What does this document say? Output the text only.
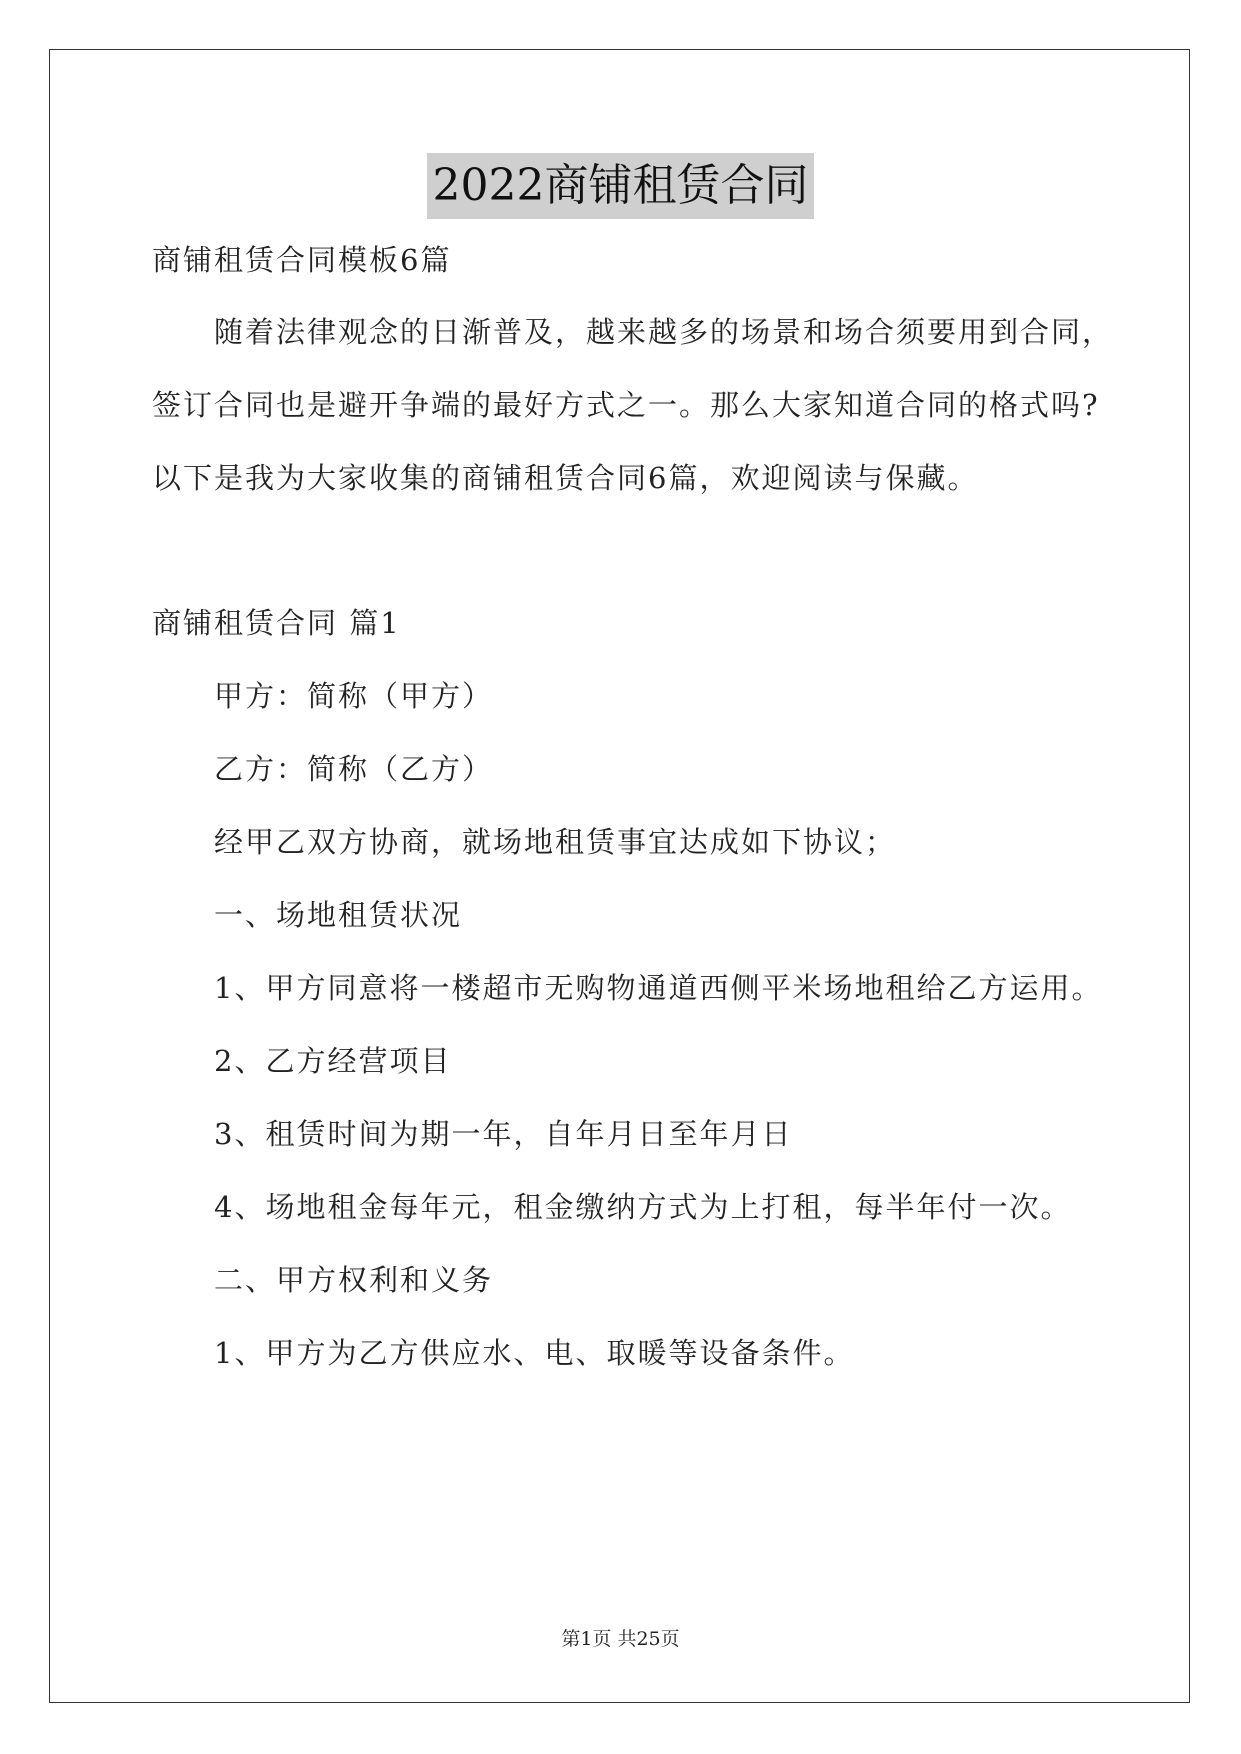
2022商铺租赁合同
商铺租赁合同模板6篇
随着法律观念的日渐普及，越来越多的场景和场合须要用到合同，
签订合同也是避开争端的最好方式之一。那么大家知道合同的格式吗?
以下是我为大家收集的商铺租赁合同6篇，欢迎阅读与保藏。
商铺租赁合同 篇1
甲方：简称（甲方）
乙方：简称（乙方）
经甲乙双方协商，就场地租赁事宜达成如下协议；
一、场地租赁状况
1、甲方同意将一楼超市无购物通道西侧平米场地租给乙方运用。
2、乙方经营项目
3、租赁时间为期一年，自年月日至年月日
4、场地租金每年元，租金缴纳方式为上打租，每半年付一次。
二、甲方权利和义务
1、甲方为乙方供应水、电、取暖等设备条件。
第1页 共25页
